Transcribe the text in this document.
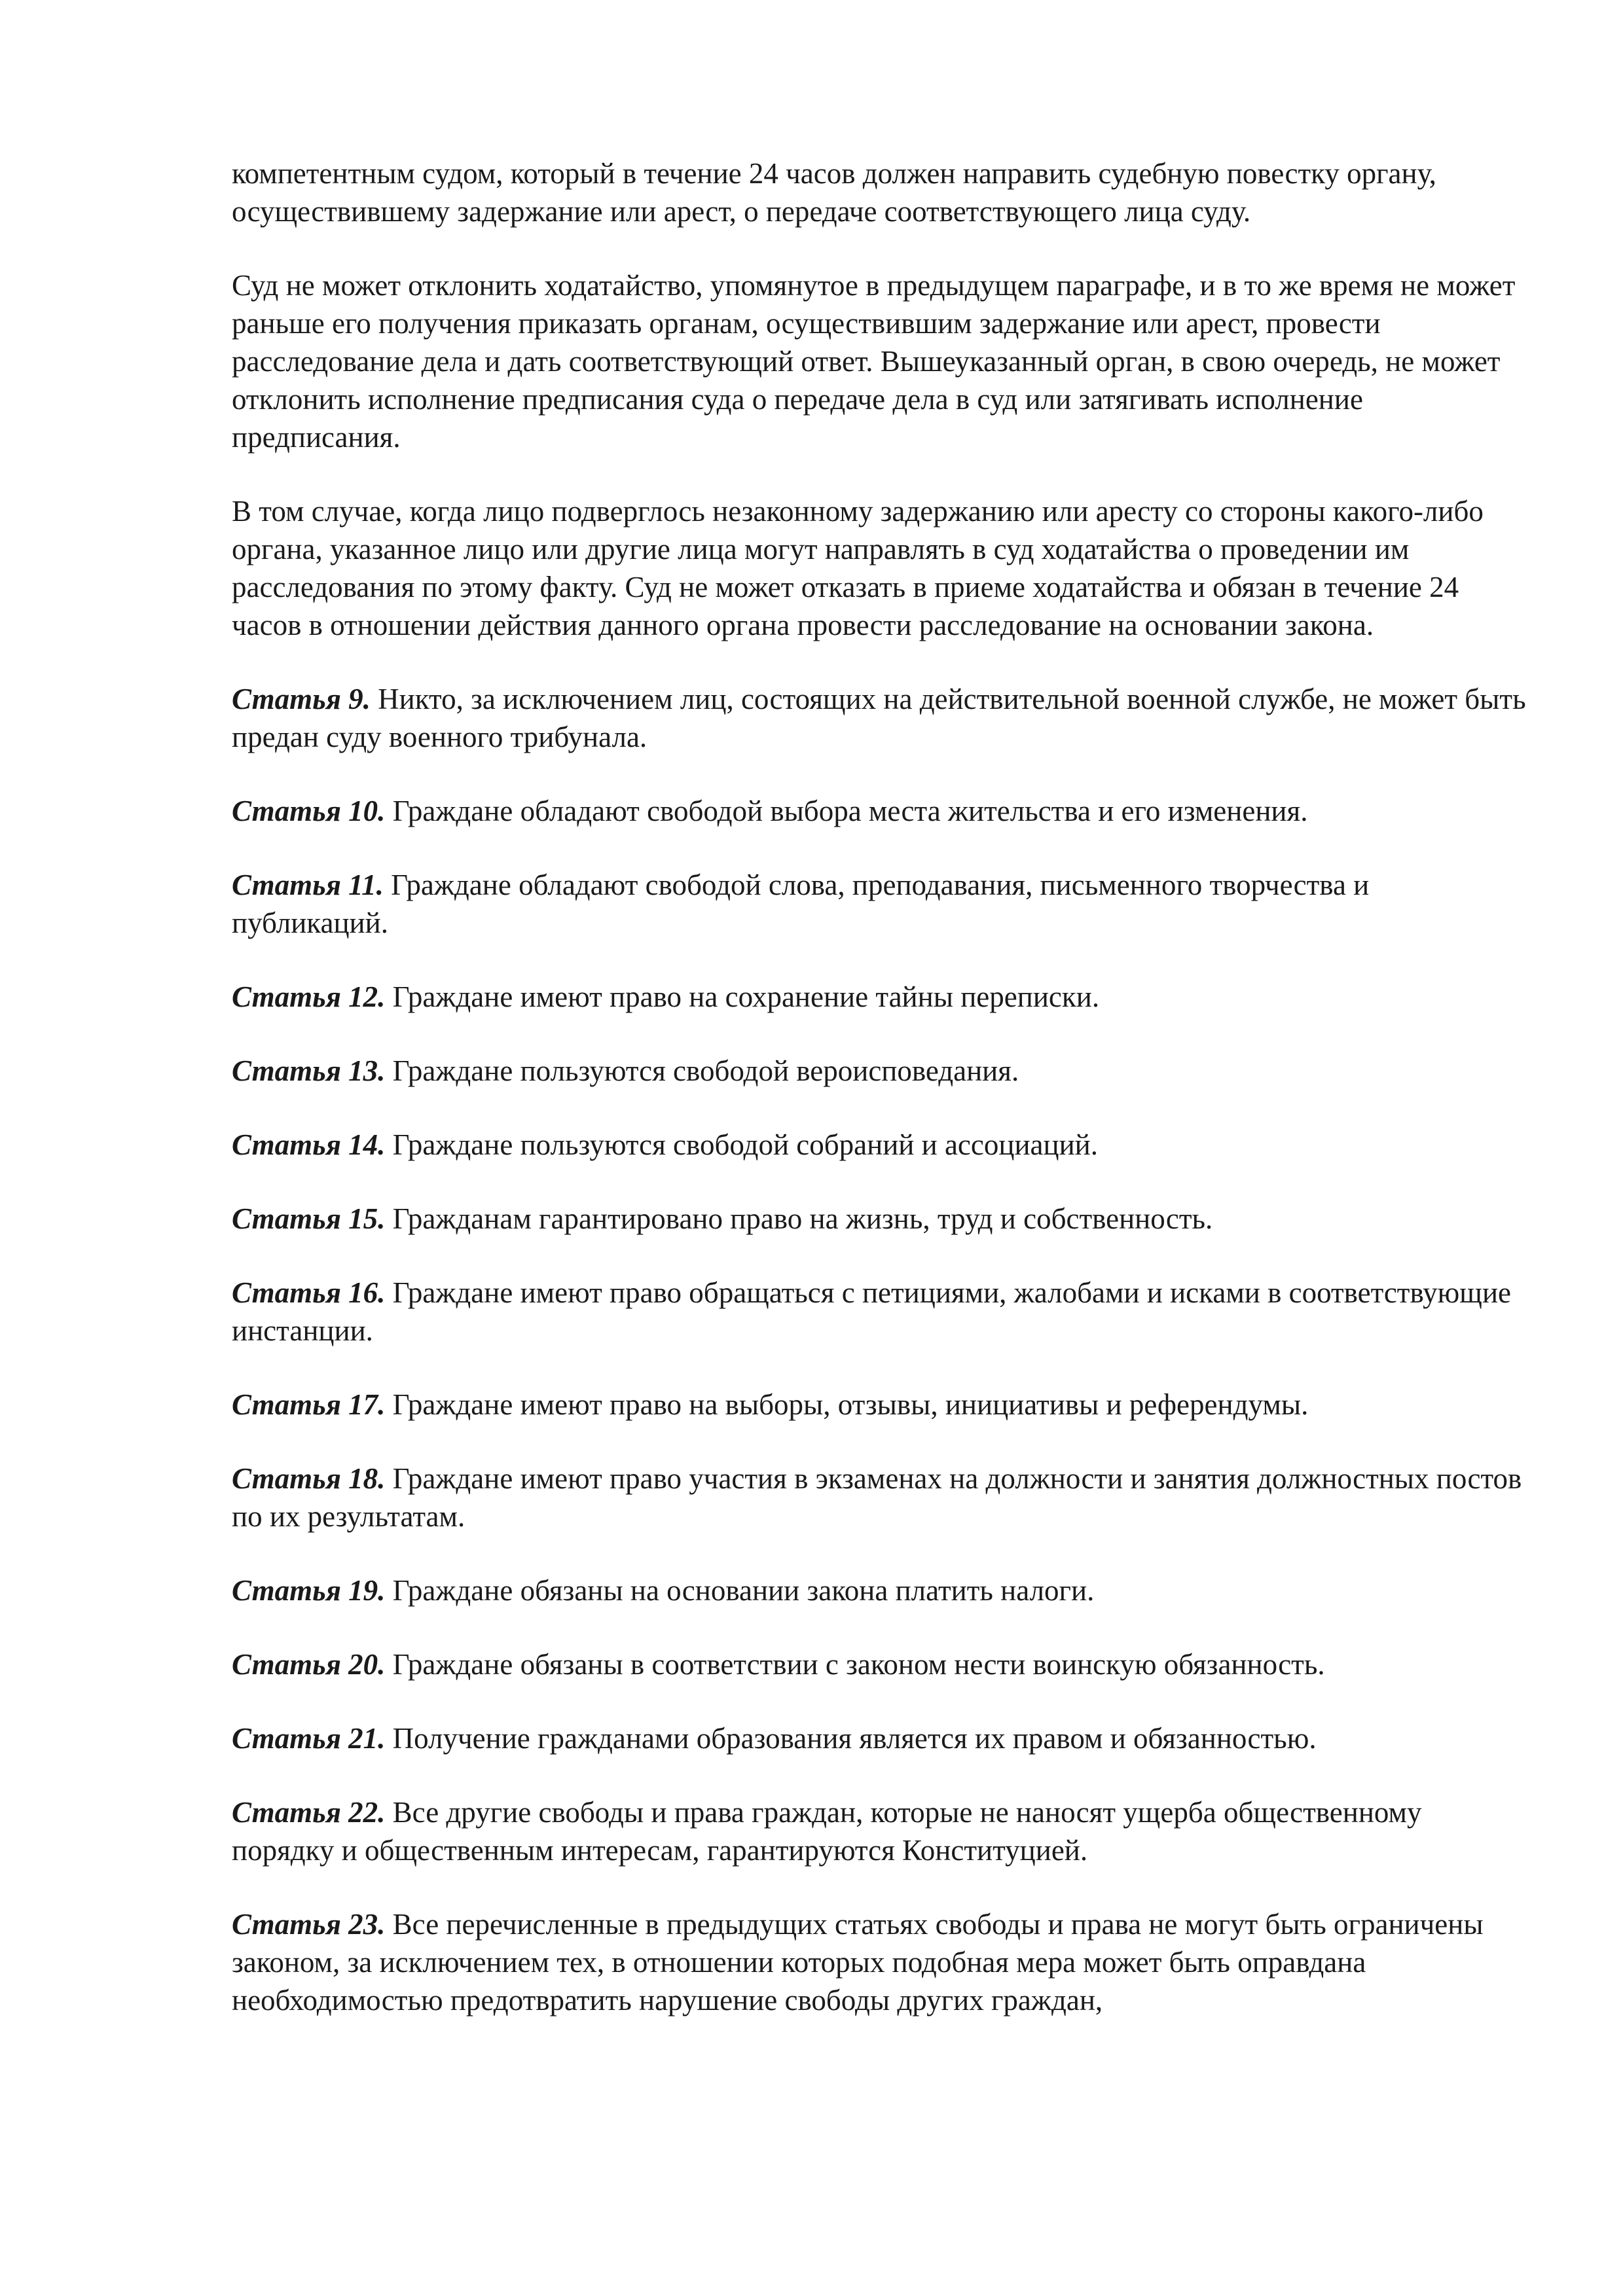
компетентным судом, который в течение 24 часов должен направить судебную повестку органу, осуществившему задержание или арест, о передаче соответствующего лица суду.

Суд не может отклонить ходатайство, упомянутое в предыдущем параграфе, и в то же время не может раньше его получения приказать органам, осуществившим задержание или арест, провести расследование дела и дать соответствующий ответ. Вышеуказанный орган, в свою очередь, не может отклонить исполнение предписания суда о передаче дела в суд или затягивать исполнение предписания.

В том случае, когда лицо подверглось незаконному задержанию или аресту со стороны какого-либо органа, указанное лицо или другие лица могут направлять в суд ходатайства о проведении им расследования по этому факту. Суд не может отказать в приеме ходатайства и обязан в течение 24 часов в отношении действия данного органа провести расследование на основании закона.

Статья 9. Никто, за исключением лиц, состоящих на действительной военной службе, не может быть предан суду военного трибунала.

Статья 10. Граждане обладают свободой выбора места жительства и его изменения.

Статья 11. Граждане обладают свободой слова, преподавания, письменного творчества и публикаций.

Статья 12. Граждане имеют право на сохранение тайны переписки.

Статья 13. Граждане пользуются свободой вероисповедания.

Статья 14. Граждане пользуются свободой собраний и ассоциаций.

Статья 15. Гражданам гарантировано право на жизнь, труд и собственность.

Статья 16. Граждане имеют право обращаться с петициями, жалобами и исками в соответствующие инстанции.

Статья 17. Граждане имеют право на выборы, отзывы, инициативы и референдумы.

Статья 18. Граждане имеют право участия в экзаменах на должности и занятия должностных постов по их результатам.

Статья 19. Граждане обязаны на основании закона платить налоги.

Статья 20. Граждане обязаны в соответствии с законом нести воинскую обязанность.

Статья 21. Получение гражданами образования является их правом и обязанностью.

Статья 22. Все другие свободы и права граждан, которые не наносят ущерба общественному порядку и общественным интересам, гарантируются Конституцией.

Статья 23. Все перечисленные в предыдущих статьях свободы и права не могут быть ограничены законом, за исключением тех, в отношении которых подобная мера может быть оправдана необходимостью предотвратить нарушение свободы других граждан,
